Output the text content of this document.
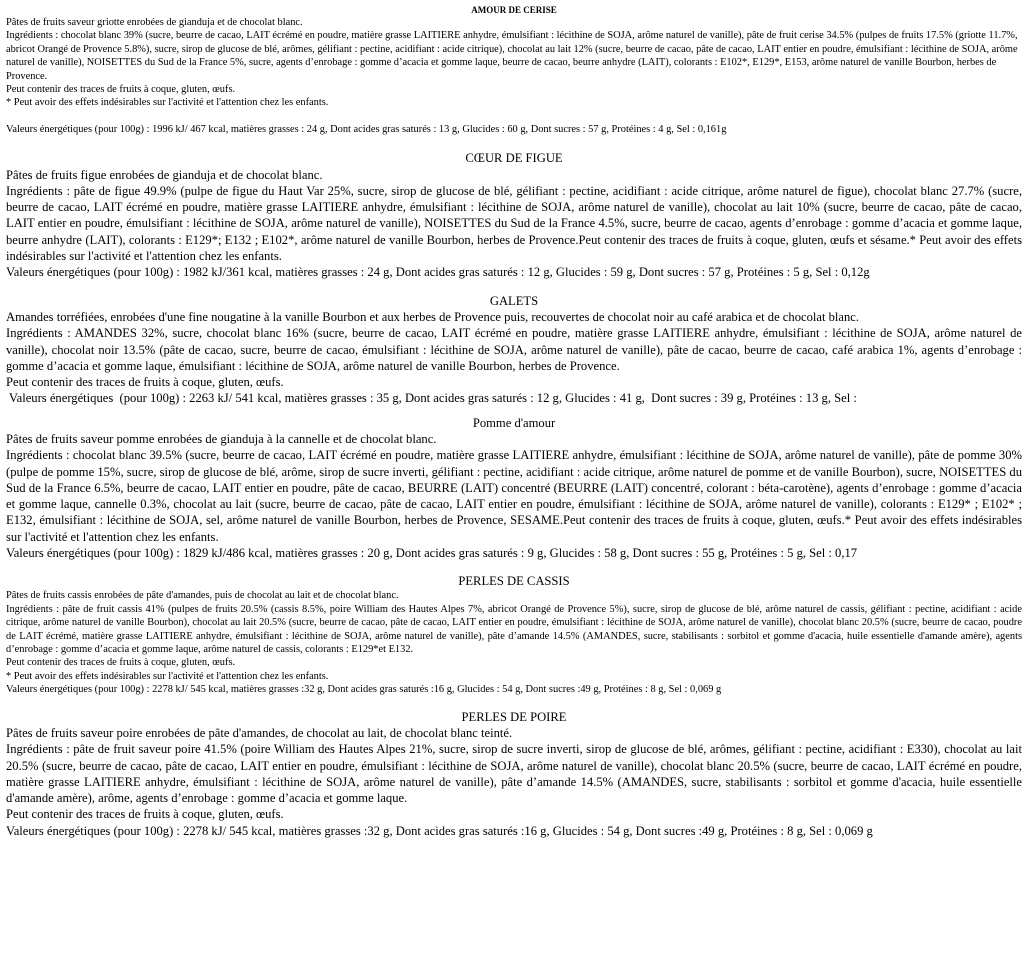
AMOUR DE CERISE

Pâtes de fruits saveur griotte enrobées de gianduja et de chocolat blanc.

Ingrédients : chocolat blanc 39% (sucre, beurre de cacao, LAIT écrémé en poudre, matière grasse LAITIERE anhydre, émulsifiant : lécithine de SOJA, arôme naturel de vanille), pâte de fruit cerise 34.5% (pulpes de fruits 17.5% (griotte 11.7%, abricot Orangé de Provence 5.8%), sucre, sirop de glucose de blé, arômes, gélifiant : pectine, acidifiant : acide citrique), chocolat au lait 12% (sucre, beurre de cacao, pâte de cacao, LAIT entier en poudre, émulsifiant : lécithine de SOJA, arôme naturel de vanille), NOISETTES du Sud de la France 5%, sucre, agents d’enrobage : gomme d’acacia et gomme laque, beurre de cacao, beurre anhydre (LAIT), colorants : E102*, E129*, E153, arôme naturel de vanille Bourbon, herbes de Provence.

Peut contenir des traces de fruits à coque, gluten, œufs.

* Peut avoir des effets indésirables sur l'activité et l'attention chez les enfants.

Valeurs énergétiques (pour 100g) : 1996 kJ/ 467 kcal, matières grasses : 24 g, Dont acides gras saturés : 13 g, Glucides : 60 g, Dont sucres : 57 g, Protéines : 4 g, Sel : 0,161g

CŒUR DE FIGUE

Pâtes de fruits figue enrobées de gianduja et de chocolat blanc.

Ingrédients : pâte de figue 49.9% (pulpe de figue du Haut Var 25%, sucre, sirop de glucose de blé, gélifiant : pectine, acidifiant : acide citrique, arôme naturel de figue), chocolat blanc 27.7% (sucre, beurre de cacao, LAIT écrémé en poudre, matière grasse LAITIERE anhydre, émulsifiant : lécithine de SOJA, arôme naturel de vanille), chocolat au lait 10% (sucre, beurre de cacao, pâte de cacao, LAIT entier en poudre, émulsifiant : lécithine de SOJA, arôme naturel de vanille), NOISETTES du Sud de la France 4.5%, sucre, beurre de cacao, agents d’enrobage : gomme d’acacia et gomme laque, beurre anhydre (LAIT), colorants : E129*; E132 ; E102*, arôme naturel de vanille Bourbon, herbes de Provence.Peut contenir des traces de fruits à coque, gluten, œufs et sésame.* Peut avoir des effets indésirables sur l'activité et l'attention chez les enfants.

Valeurs énergétiques (pour 100g) : 1982 kJ/361 kcal, matières grasses : 24 g, Dont acides gras saturés : 12 g, Glucides : 59 g, Dont sucres : 57 g, Protéines : 5 g, Sel : 0,12g

GALETS

Amandes torréfiées, enrobées d'une fine nougatine à la vanille Bourbon et aux herbes de Provence puis, recouvertes de chocolat noir au café arabica et de chocolat blanc.

Ingrédients : AMANDES 32%, sucre, chocolat blanc 16% (sucre, beurre de cacao, LAIT écrémé en poudre, matière grasse LAITIERE anhydre, émulsifiant : lécithine de SOJA, arôme naturel de vanille), chocolat noir 13.5% (pâte de cacao, sucre, beurre de cacao, émulsifiant : lécithine de SOJA, arôme naturel de vanille), pâte de cacao, beurre de cacao, café arabica 1%, agents d’enrobage : gomme d’acacia et gomme laque, émulsifiant : lécithine de SOJA, arôme naturel de vanille Bourbon, herbes de Provence.

Peut contenir des traces de fruits à coque, gluten, œufs.

Valeurs énergétiques  (pour 100g) : 2263 kJ/ 541 kcal, matières grasses : 35 g, Dont acides gras saturés : 12 g, Glucides : 41 g,  Dont sucres : 39 g, Protéines : 13 g, Sel :

Pomme d'amour

Pâtes de fruits saveur pomme enrobées de gianduja à la cannelle et de chocolat blanc.

Ingrédients : chocolat blanc 39.5% (sucre, beurre de cacao, LAIT écrémé en poudre, matière grasse LAITIERE anhydre, émulsifiant : lécithine de SOJA, arôme naturel de vanille), pâte de pomme 30% (pulpe de pomme 15%, sucre, sirop de glucose de blé, arôme, sirop de sucre inverti, gélifiant : pectine, acidifiant : acide citrique, arôme naturel de pomme et de vanille Bourbon), sucre, NOISETTES du Sud de la France 6.5%, beurre de cacao, LAIT entier en poudre, pâte de cacao, BEURRE (LAIT) concentré (BEURRE (LAIT) concentré, colorant : béta-carotène), agents d’enrobage : gomme d’acacia et gomme laque, cannelle 0.3%, chocolat au lait (sucre, beurre de cacao, pâte de cacao, LAIT entier en poudre, émulsifiant : lécithine de SOJA, arôme naturel de vanille), colorants : E129* ; E102* ; E132, émulsifiant : lécithine de SOJA, sel, arôme naturel de vanille Bourbon, herbes de Provence, SESAME.Peut contenir des traces de fruits à coque, gluten, œufs.* Peut avoir des effets indésirables sur l'activité et l'attention chez les enfants.

Valeurs énergétiques (pour 100g) : 1829 kJ/486 kcal, matières grasses : 20 g, Dont acides gras saturés : 9 g, Glucides : 58 g, Dont sucres : 55 g, Protéines : 5 g, Sel : 0,17

PERLES DE CASSIS

Pâtes de fruits cassis enrobées de pâte d'amandes, puis de chocolat au lait et de chocolat blanc.

Ingrédients : pâte de fruit cassis 41% (pulpes de fruits 20.5% (cassis 8.5%, poire William des Hautes Alpes 7%, abricot Orangé de Provence 5%), sucre, sirop de glucose de blé, arôme naturel de cassis, gélifiant : pectine, acidifiant : acide citrique, arôme naturel de vanille Bourbon), chocolat au lait 20.5% (sucre, beurre de cacao, pâte de cacao, LAIT entier en poudre, émulsifiant : lécithine de SOJA, arôme naturel de vanille), chocolat blanc 20.5% (sucre, beurre de cacao, poudre de LAIT écrémé, matière grasse LAITIERE anhydre, émulsifiant : lécithine de SOJA, arôme naturel de vanille), pâte d’amande 14.5% (AMANDES, sucre, stabilisants : sorbitol et gomme d'acacia, huile essentielle d'amande amère), agents d’enrobage : gomme d’acacia et gomme laque, arôme naturel de cassis, colorants : E129*et E132.

Peut contenir des traces de fruits à coque, gluten, œufs.

* Peut avoir des effets indésirables sur l'activité et l'attention chez les enfants.

Valeurs énergétiques (pour 100g) : 2278 kJ/ 545 kcal, matières grasses :32 g, Dont acides gras saturés :16 g, Glucides : 54 g, Dont sucres :49 g, Protéines : 8 g, Sel : 0,069 g

PERLES DE POIRE

Pâtes de fruits saveur poire enrobées de pâte d'amandes, de chocolat au lait, de chocolat blanc teinté.

Ingrédients : pâte de fruit saveur poire 41.5% (poire William des Hautes Alpes 21%, sucre, sirop de sucre inverti, sirop de glucose de blé, arômes, gélifiant : pectine, acidifiant : E330), chocolat au lait 20.5% (sucre, beurre de cacao, pâte de cacao, LAIT entier en poudre, émulsifiant : lécithine de SOJA, arôme naturel de vanille), chocolat blanc 20.5% (sucre, beurre de cacao, LAIT écrémé en poudre, matière grasse LAITIERE anhydre, émulsifiant : lécithine de SOJA, arôme naturel de vanille), pâte d’amande 14.5% (AMANDES, sucre, stabilisants : sorbitol et gomme d'acacia, huile essentielle d'amande amère), arôme, agents d’enrobage : gomme d’acacia et gomme laque.

Peut contenir des traces de fruits à coque, gluten, œufs.

Valeurs énergétiques (pour 100g) : 2278 kJ/ 545 kcal, matières grasses :32 g, Dont acides gras saturés :16 g, Glucides : 54 g, Dont sucres :49 g, Protéines : 8 g, Sel : 0,069 g
